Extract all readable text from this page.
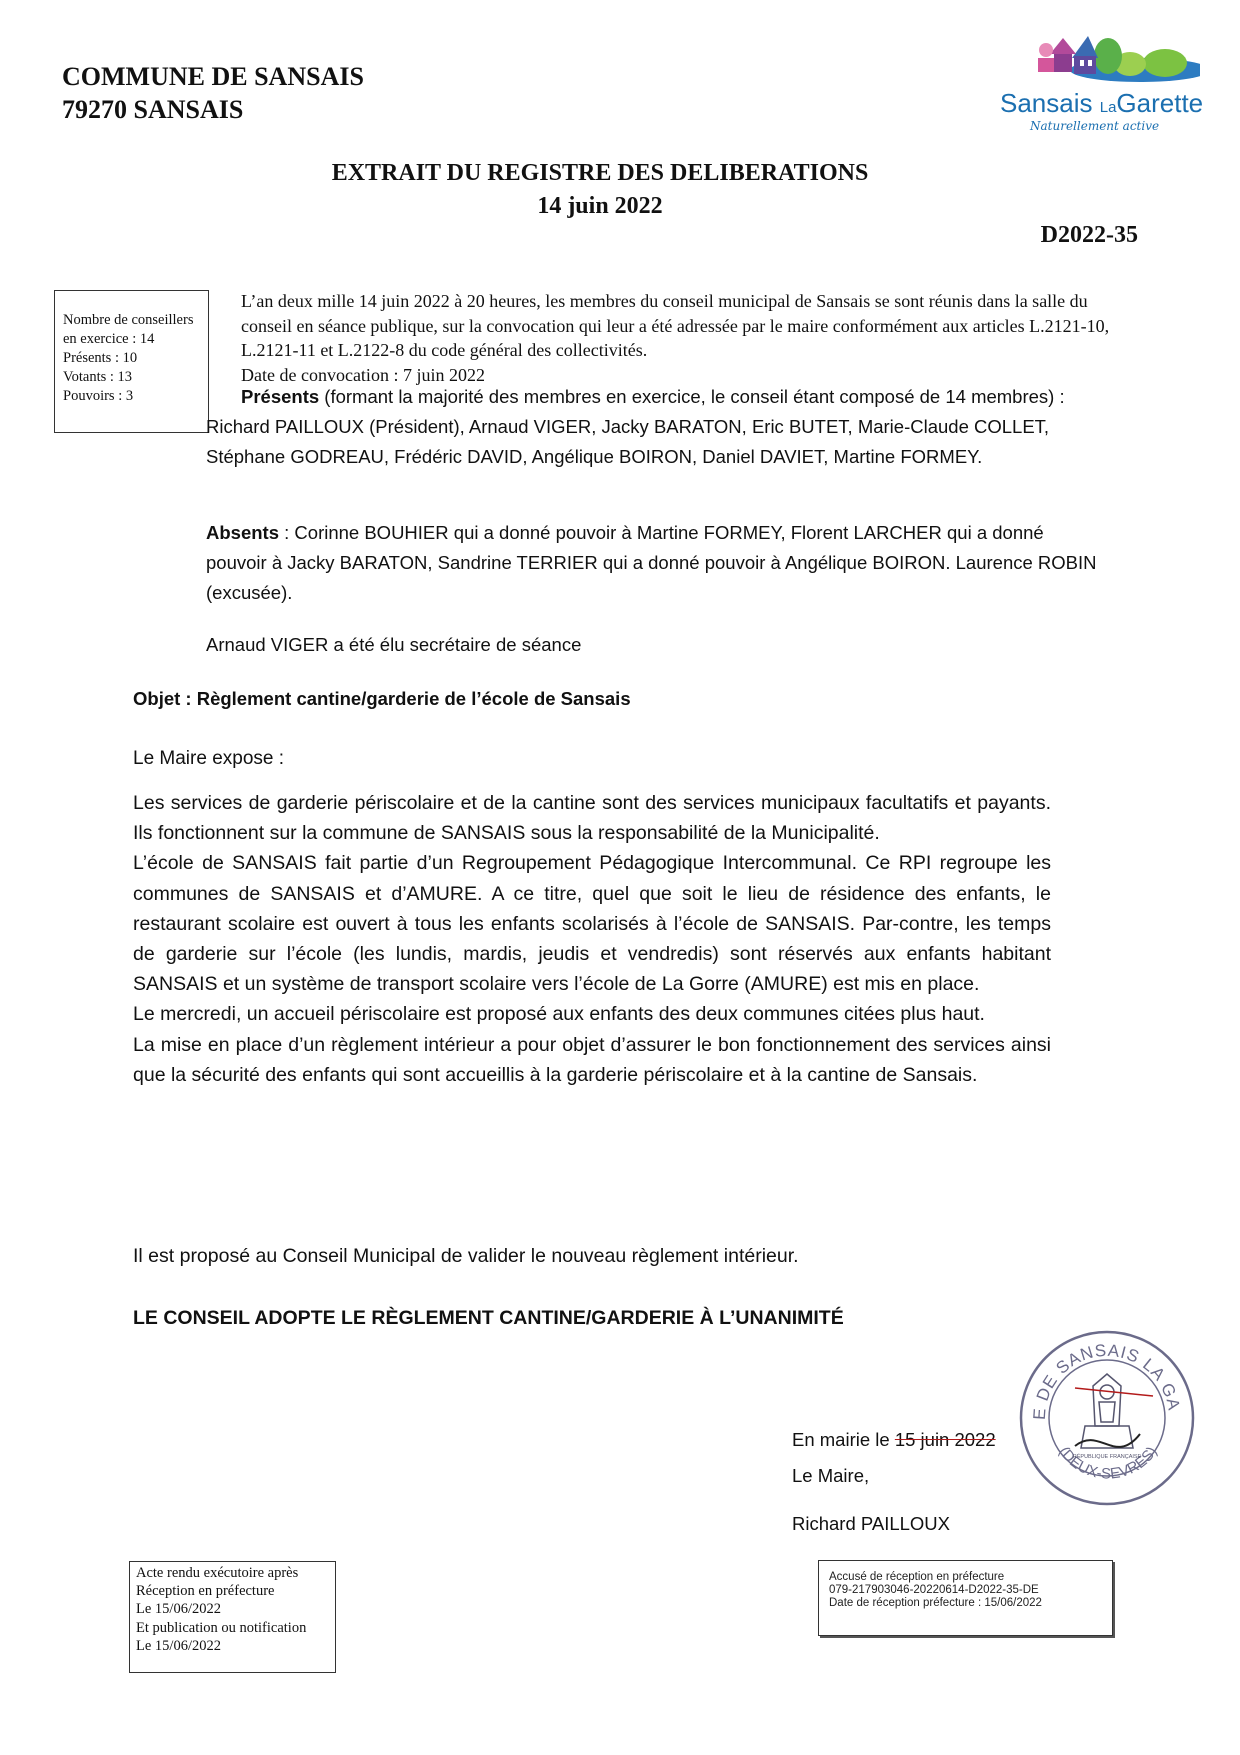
COMMUNE DE SANSAIS
79270 SANSAIS	Sansais LaGarette
Naturellement active
EXTRAIT DU REGISTRE DES DELIBERATIONS
14 juin 2022
D2022-35
Nombre de conseillers
en exercice : 14
Présents : 10
Votants : 13
Pouvoirs : 3

L’an deux mille 14 juin 2022 à 20 heures, les membres du conseil municipal de Sansais se sont réunis dans la salle du conseil en séance publique, sur la convocation qui leur a été adressée par le maire conformément aux articles L.2121-10, L.2121-11 et L.2122-8 du code général des collectivités.

Date de convocation : 7 juin 2022

Présents (formant la majorité des membres en exercice, le conseil étant composé de 14 membres) : Richard PAILLOUX (Président), Arnaud VIGER, Jacky BARATON, Eric BUTET, Marie-Claude COLLET, Stéphane GODREAU, Frédéric DAVID, Angélique BOIRON, Daniel DAVIET, Martine FORMEY.

Absents : Corinne BOUHIER qui a donné pouvoir à Martine FORMEY, Florent LARCHER qui a donné pouvoir à Jacky BARATON, Sandrine TERRIER qui a donné pouvoir à Angélique BOIRON. Laurence ROBIN (excusée).

Arnaud VIGER a été élu secrétaire de séance
Objet : Règlement cantine/garderie de l’école de Sansais
Le Maire expose :

Les services de garderie périscolaire et de la cantine sont des services municipaux facultatifs et payants. Ils fonctionnent sur la commune de SANSAIS sous la responsabilité de la Municipalité.

L’école de SANSAIS fait partie d’un Regroupement Pédagogique Intercommunal. Ce RPI regroupe les communes de SANSAIS et d’AMURE. A ce titre, quel que soit le lieu de résidence des enfants, le restaurant scolaire est ouvert à tous les enfants scolarisés à l’école de SANSAIS. Par-contre, les temps de garderie sur l’école (les lundis, mardis, jeudis et vendredis) sont réservés aux enfants habitant SANSAIS et un système de transport scolaire vers l’école de La Gorre (AMURE) est mis en place.

Le mercredi, un accueil périscolaire est proposé aux enfants des deux communes citées plus haut.

La mise en place d’un règlement intérieur a pour objet d’assurer le bon fonctionnement des services ainsi que la sécurité des enfants qui sont accueillis à la garderie périscolaire et à la cantine de Sansais.

Il est proposé au Conseil Municipal de valider le nouveau règlement intérieur.
LE CONSEIL ADOPTE LE RÈGLEMENT CANTINE/GARDERIE À L’UNANIMITÉ
En mairie le 15 juin 2022
Le Maire,
Richard PAILLOUX
E DE SANSAIS LA GA
(DEUX-SEVRES)
RÉPUBLIQUE FRANÇAISE
Acte rendu exécutoire après
Réception en préfecture
Le 15/06/2022
Et publication ou notification
Le 15/06/2022
Accusé de réception en préfecture
079-217903046-20220614-D2022-35-DE
Date de réception préfecture : 15/06/2022
